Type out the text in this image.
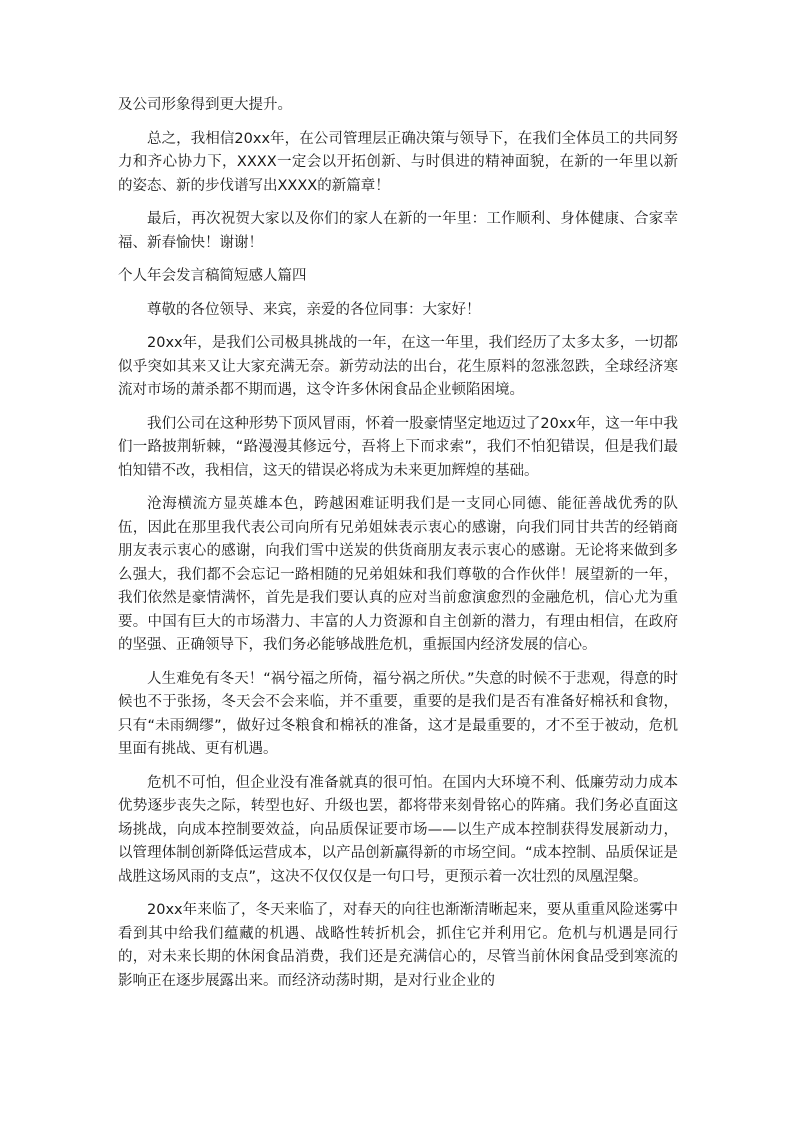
及公司形象得到更大提升。

总之，我相信20xx年，在公司管理层正确决策与领导下，在我们全体员工的共同努力和齐心协力下，XXXX一定会以开拓创新、与时俱进的精神面貌，在新的一年里以新的姿态、新的步伐谱写出XXXX的新篇章！

最后，再次祝贺大家以及你们的家人在新的一年里：工作顺利、身体健康、合家幸福、新春愉快！谢谢！

个人年会发言稿简短感人篇四

尊敬的各位领导、来宾，亲爱的各位同事：大家好！

20xx年，是我们公司极具挑战的一年，在这一年里，我们经历了太多太多，一切都似乎突如其来又让大家充满无奈。新劳动法的出台，花生原料的忽涨忽跌，全球经济寒流对市场的萧杀都不期而遇，这令许多休闲食品企业顿陷困境。

我们公司在这种形势下顶风冒雨，怀着一股豪情坚定地迈过了20xx年，这一年中我们一路披荆斩棘，“路漫漫其修远兮，吾将上下而求索”，我们不怕犯错误，但是我们最怕知错不改，我相信，这天的错误必将成为未来更加辉煌的基础。

沧海横流方显英雄本色，跨越困难证明我们是一支同心同德、能征善战优秀的队伍，因此在那里我代表公司向所有兄弟姐妹表示衷心的感谢，向我们同甘共苦的经销商朋友表示衷心的感谢，向我们雪中送炭的供货商朋友表示衷心的感谢。无论将来做到多么强大，我们都不会忘记一路相随的兄弟姐妹和我们尊敬的合作伙伴！展望新的一年，我们依然是豪情满怀，首先是我们要认真的应对当前愈演愈烈的金融危机，信心尤为重要。中国有巨大的市场潜力、丰富的人力资源和自主创新的潜力，有理由相信，在政府的坚强、正确领导下，我们务必能够战胜危机，重振国内经济发展的信心。

人生难免有冬天！“祸兮福之所倚，福兮祸之所伏。”失意的时候不于悲观，得意的时候也不于张扬，冬天会不会来临，并不重要，重要的是我们是否有准备好棉袄和食物，只有“未雨绸缪”，做好过冬粮食和棉袄的准备，这才是最重要的，才不至于被动，危机里面有挑战、更有机遇。

危机不可怕，但企业没有准备就真的很可怕。在国内大环境不利、低廉劳动力成本优势逐步丧失之际，转型也好、升级也罢，都将带来刻骨铭心的阵痛。我们务必直面这场挑战，向成本控制要效益，向品质保证要市场——以生产成本控制获得发展新动力，以管理体制创新降低运营成本，以产品创新赢得新的市场空间。“成本控制、品质保证是战胜这场风雨的支点”，这决不仅仅仅是一句口号，更预示着一次壮烈的凤凰涅槃。

20xx年来临了，冬天来临了，对春天的向往也渐渐清晰起来，要从重重风险迷雾中看到其中给我们蕴藏的机遇、战略性转折机会，抓住它并利用它。危机与机遇是同行的，对未来长期的休闲食品消费，我们还是充满信心的，尽管当前休闲食品受到寒流的影响正在逐步展露出来。而经济动荡时期，是对行业企业的
